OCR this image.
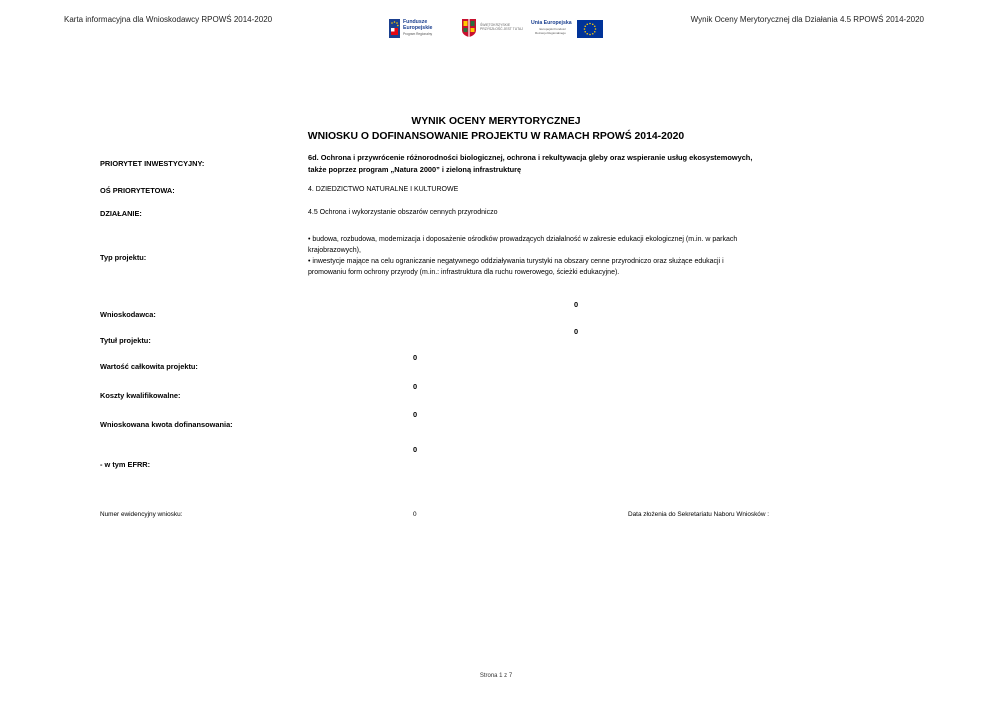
Karta informacyjna dla Wnioskodawcy RPOWŚ 2014-2020	Wynik Oceny Merytorycznej dla Działania 4.5 RPOWŚ 2014-2020
Fundusze
Europejskie
Program Regionalny
ŚWIĘTOKRZYSKIE
PRZYSZŁOŚĆ JEST TUTAJ
Unia Europejska
Europejski Fundusz
Rozwoju Regionalnego
WYNIK OCENY MERYTORYCZNEJ
WNIOSKU O DOFINANSOWANIE PROJEKTU W RAMACH RPOWŚ 2014-2020
PRIORYTET INWESTYCYJNY:
6d. Ochrona i przywrócenie różnorodności biologicznej, ochrona i rekultywacja gleby oraz wspieranie usług ekosystemowych,
także poprzez program „Natura 2000” i zieloną infrastrukturę
OŚ PRIORYTETOWA:	4. DZIEDZICTWO NATURALNE I KULTUROWE
DZIAŁANIE:	4.5 Ochrona i wykorzystanie obszarów cennych przyrodniczo
Typ projektu:
• budowa, rozbudowa, modernizacja i doposażenie ośrodków prowadzących działalność w zakresie edukacji ekologicznej (m.in. w parkach
krajobrazowych),
• inwestycje mające na celu ograniczanie negatywnego oddziaływania turystyki na obszary cenne przyrodniczo oraz służące edukacji i
promowaniu form ochrony przyrody (m.in.: infrastruktura dla ruchu rowerowego, ścieżki edukacyjne).
Wnioskodawca:
0
Tytuł projektu:
0
Wartość całkowita projektu:
0
Koszty kwalifikowalne:
0
Wnioskowana kwota dofinansowania:
0
- w tym EFRR:
0
Numer ewidencyjny wniosku:	0	Data złożenia do Sekretariatu Naboru Wniosków :
Strona 1 z 7
